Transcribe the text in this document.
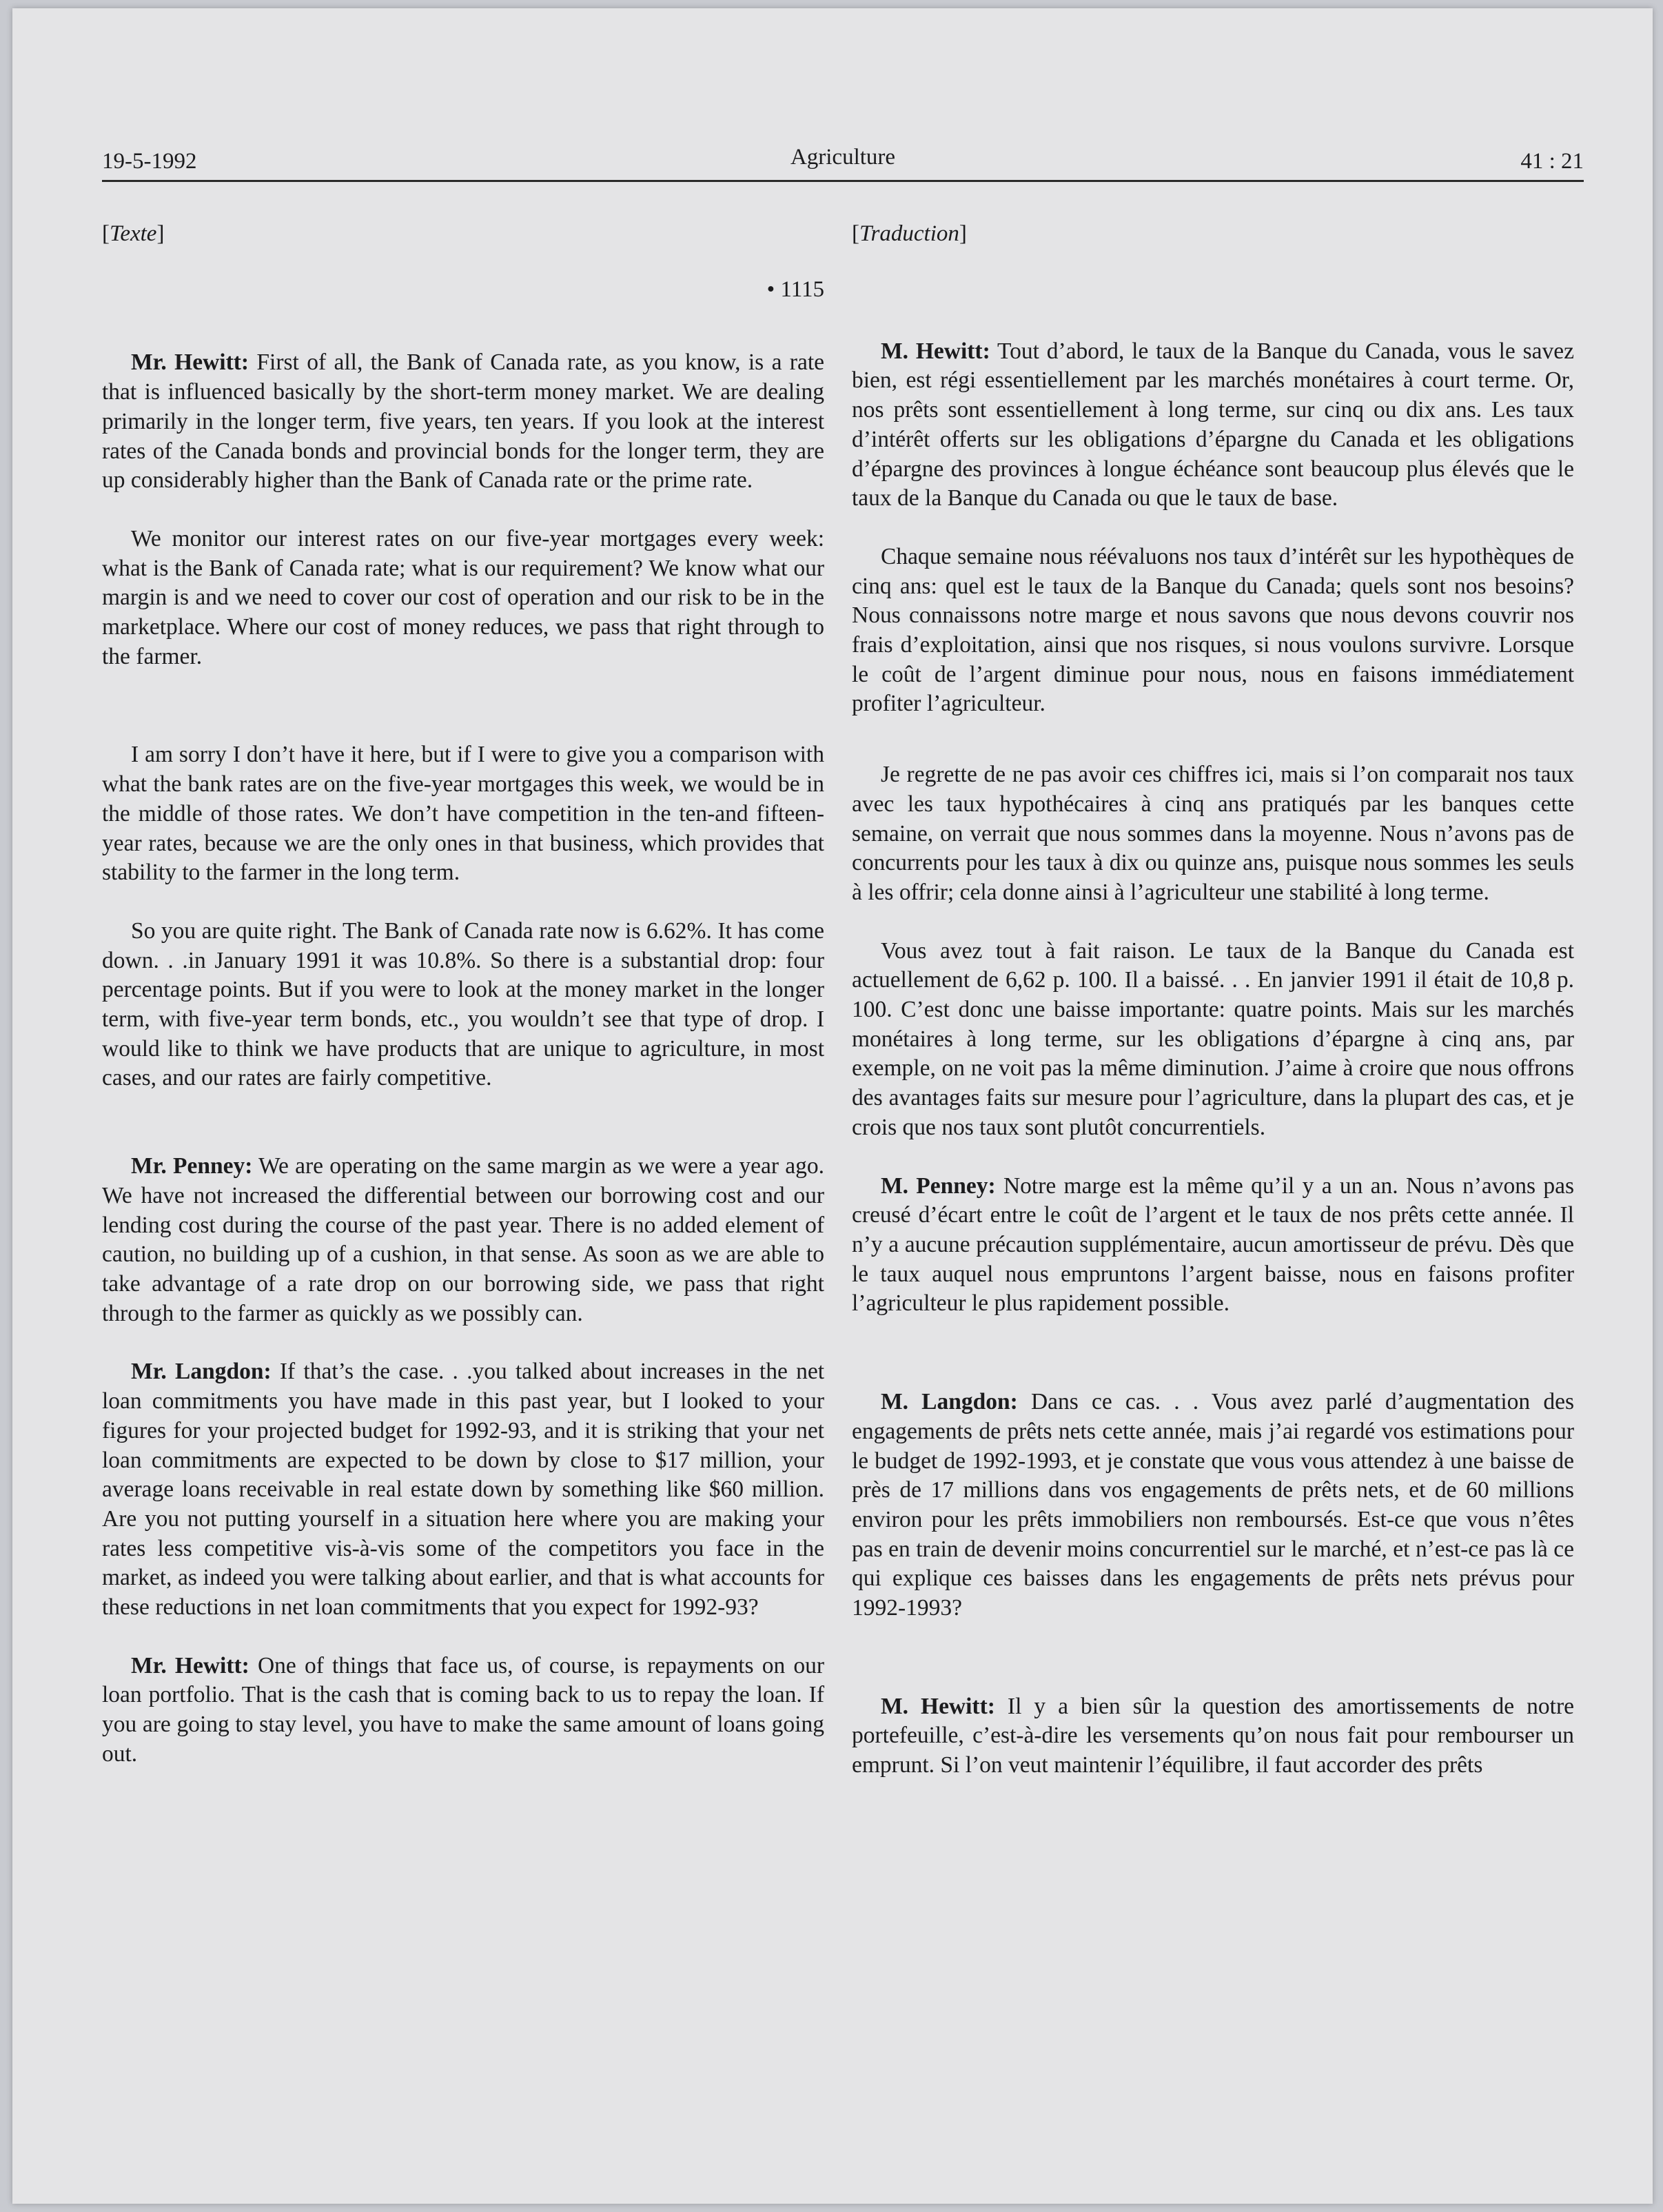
19-5-1992	Agriculture	41 : 21
[Texte]
• 1115

Mr. Hewitt: First of all, the Bank of Canada rate, as you know, is a rate that is influenced basically by the short-term money market. We are dealing primarily in the longer term, five years, ten years. If you look at the interest rates of the Canada bonds and provincial bonds for the longer term, they are up considerably higher than the Bank of Canada rate or the prime rate.

We monitor our interest rates on our five-year mortgages every week: what is the Bank of Canada rate; what is our requirement? We know what our margin is and we need to cover our cost of operation and our risk to be in the marketplace. Where our cost of money reduces, we pass that right through to the farmer.

I am sorry I don’t have it here, but if I were to give you a comparison with what the bank rates are on the five-year mortgages this week, we would be in the middle of those rates. We don’t have competition in the ten-and fifteen-year rates, because we are the only ones in that business, which provides that stability to the farmer in the long term.

So you are quite right. The Bank of Canada rate now is 6.62%. It has come down. . .in January 1991 it was 10.8%. So there is a substantial drop: four percentage points. But if you were to look at the money market in the longer term, with five-year term bonds, etc., you wouldn’t see that type of drop. I would like to think we have products that are unique to agriculture, in most cases, and our rates are fairly competitive.

Mr. Penney: We are operating on the same margin as we were a year ago. We have not increased the differential between our borrowing cost and our lending cost during the course of the past year. There is no added element of caution, no building up of a cushion, in that sense. As soon as we are able to take advantage of a rate drop on our borrowing side, we pass that right through to the farmer as quickly as we possibly can.

Mr. Langdon: If that’s the case. . .you talked about increases in the net loan commitments you have made in this past year, but I looked to your figures for your projected budget for 1992-93, and it is striking that your net loan commitments are expected to be down by close to $17 million, your average loans receivable in real estate down by something like $60 million. Are you not putting yourself in a situation here where you are making your rates less competitive vis-à-vis some of the competitors you face in the market, as indeed you were talking about earlier, and that is what accounts for these reductions in net loan commitments that you expect for 1992-93?

Mr. Hewitt: One of things that face us, of course, is repayments on our loan portfolio. That is the cash that is coming back to us to repay the loan. If you are going to stay level, you have to make the same amount of loans going out.

[Traduction]

M. Hewitt: Tout d’abord, le taux de la Banque du Canada, vous le savez bien, est régi essentiellement par les marchés monétaires à court terme. Or, nos prêts sont essentiellement à long terme, sur cinq ou dix ans. Les taux d’intérêt offerts sur les obligations d’épargne du Canada et les obligations d’épargne des provinces à longue échéance sont beaucoup plus élevés que le taux de la Banque du Canada ou que le taux de base.

Chaque semaine nous réévaluons nos taux d’intérêt sur les hypothèques de cinq ans: quel est le taux de la Banque du Canada; quels sont nos besoins? Nous connaissons notre marge et nous savons que nous devons couvrir nos frais d’exploitation, ainsi que nos risques, si nous voulons survivre. Lorsque le coût de l’argent diminue pour nous, nous en faisons immédiatement profiter l’agriculteur.

Je regrette de ne pas avoir ces chiffres ici, mais si l’on comparait nos taux avec les taux hypothécaires à cinq ans pratiqués par les banques cette semaine, on verrait que nous sommes dans la moyenne. Nous n’avons pas de concurrents pour les taux à dix ou quinze ans, puisque nous sommes les seuls à les offrir; cela donne ainsi à l’agriculteur une stabilité à long terme.

Vous avez tout à fait raison. Le taux de la Banque du Canada est actuellement de 6,62 p. 100. Il a baissé. . . En janvier 1991 il était de 10,8 p. 100. C’est donc une baisse importante: quatre points. Mais sur les marchés monétaires à long terme, sur les obligations d’épargne à cinq ans, par exemple, on ne voit pas la même diminution. J’aime à croire que nous offrons des avantages faits sur mesure pour l’agriculture, dans la plupart des cas, et je crois que nos taux sont plutôt concurrentiels.

M. Penney: Notre marge est la même qu’il y a un an. Nous n’avons pas creusé d’écart entre le coût de l’argent et le taux de nos prêts cette année. Il n’y a aucune précaution supplémentaire, aucun amortisseur de prévu. Dès que le taux auquel nous empruntons l’argent baisse, nous en faisons profiter l’agriculteur le plus rapidement possible.

M. Langdon: Dans ce cas. . . Vous avez parlé d’augmentation des engagements de prêts nets cette année, mais j’ai regardé vos estimations pour le budget de 1992-1993, et je constate que vous vous attendez à une baisse de près de 17 millions dans vos engagements de prêts nets, et de 60 millions environ pour les prêts immobiliers non remboursés. Est-ce que vous n’êtes pas en train de devenir moins concurrentiel sur le marché, et n’est-ce pas là ce qui explique ces baisses dans les engagements de prêts nets prévus pour 1992-1993?

M. Hewitt: Il y a bien sûr la question des amortissements de notre portefeuille, c’est-à-dire les versements qu’on nous fait pour rembourser un emprunt. Si l’on veut maintenir l’équilibre, il faut accorder des prêts
